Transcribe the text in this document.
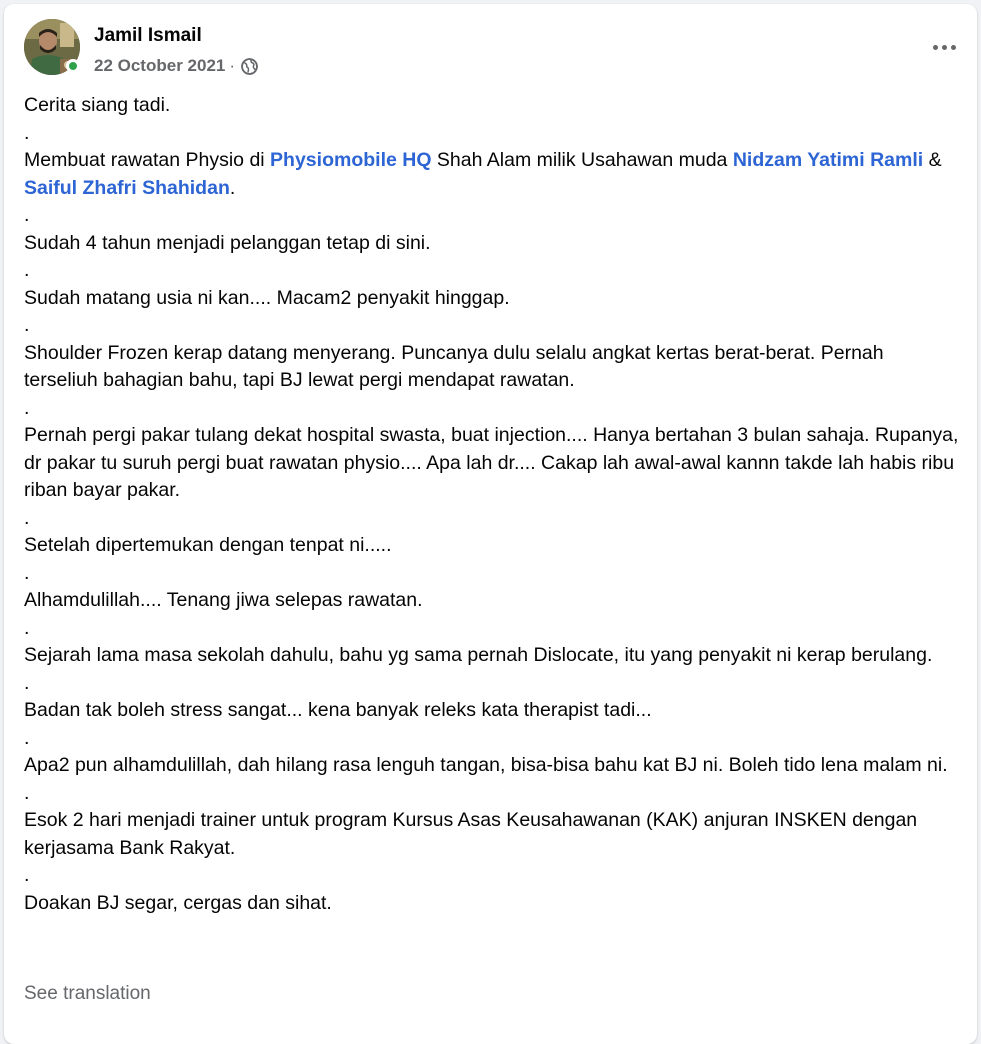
Jamil Ismail
22 October 2021 ·

Cerita siang tadi.

.

Membuat rawatan Physio di Physiomobile HQ Shah Alam milik Usahawan muda Nidzam Yatimi Ramli & Saiful Zhafri Shahidan.

.

Sudah 4 tahun menjadi pelanggan tetap di sini.

.

Sudah matang usia ni kan.... Macam2 penyakit hinggap.

.

Shoulder Frozen kerap datang menyerang. Puncanya dulu selalu angkat kertas berat-berat. Pernah terseliuh bahagian bahu, tapi BJ lewat pergi mendapat rawatan.

.

Pernah pergi pakar tulang dekat hospital swasta, buat injection.... Hanya bertahan 3 bulan sahaja. Rupanya, dr pakar tu suruh pergi buat rawatan physio.... Apa lah dr.... Cakap lah awal-awal kannn takde lah habis ribu riban bayar pakar.

.

Setelah dipertemukan dengan tenpat ni.....

.

Alhamdulillah.... Tenang jiwa selepas rawatan.

.

Sejarah lama masa sekolah dahulu, bahu yg sama pernah Dislocate, itu yang penyakit ni kerap berulang.

.

Badan tak boleh stress sangat... kena banyak releks kata therapist tadi...

.

Apa2 pun alhamdulillah, dah hilang rasa lenguh tangan, bisa-bisa bahu kat BJ ni. Boleh tido lena malam ni.

.

Esok 2 hari menjadi trainer untuk program Kursus Asas Keusahawanan (KAK) anjuran INSKEN dengan kerjasama Bank Rakyat.

.

Doakan BJ segar, cergas dan sihat.

See translation
